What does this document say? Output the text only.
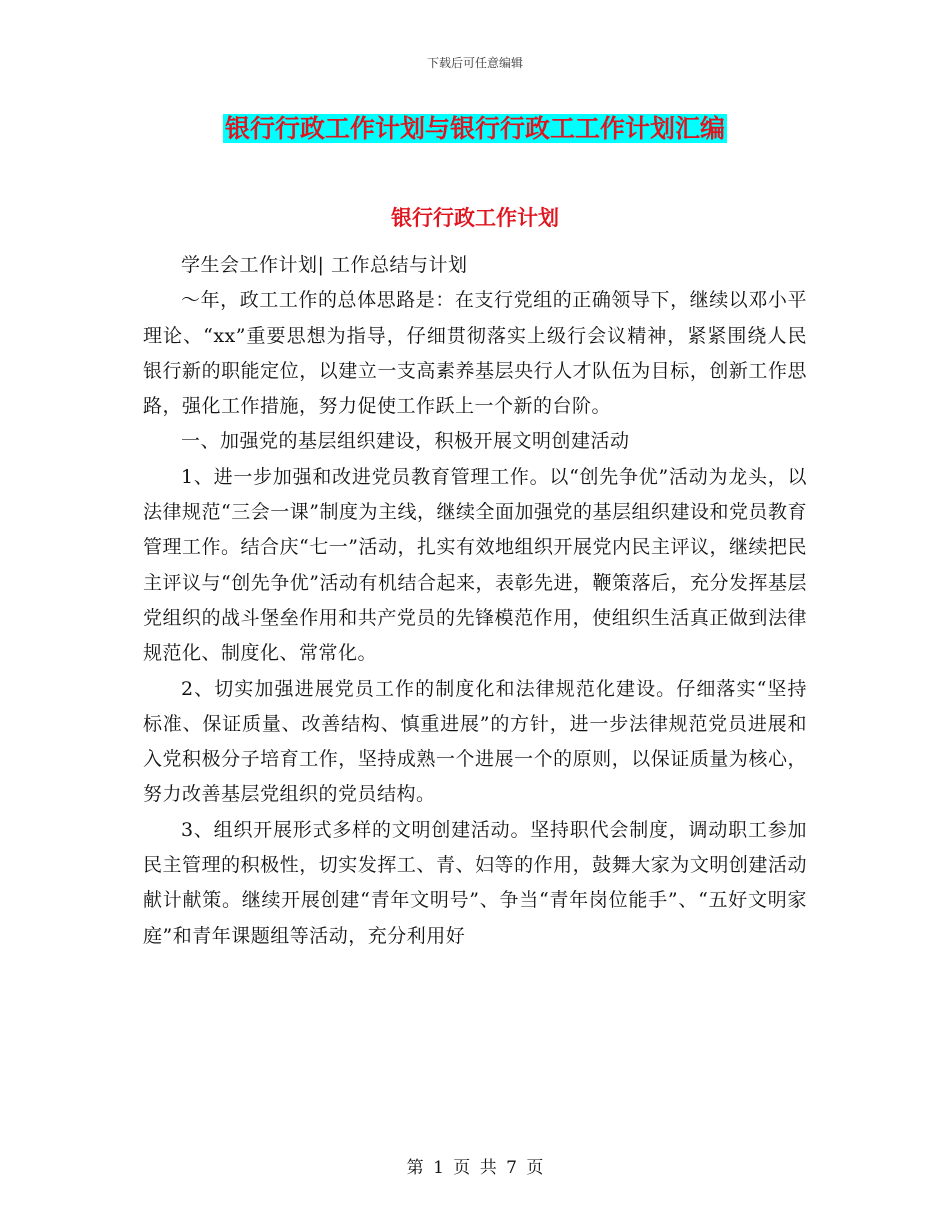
下载后可任意编辑
银行行政工作计划与银行行政工工作计划汇编
银行行政工作计划

学生会工作计划| 工作总结与计划

～年，政工工作的总体思路是：在支行党组的正确领导下，继续以邓小平理论、“xx”重要思想为指导，仔细贯彻落实上级行会议精神，紧紧围绕人民银行新的职能定位，以建立一支高素养基层央行人才队伍为目标，创新工作思路，强化工作措施，努力促使工作跃上一个新的台阶。

一、加强党的基层组织建设，积极开展文明创建活动

1、进一步加强和改进党员教育管理工作。以“创先争优”活动为龙头，以法律规范“三会一课”制度为主线，继续全面加强党的基层组织建设和党员教育管理工作。结合庆“七一”活动，扎实有效地组织开展党内民主评议，继续把民主评议与“创先争优”活动有机结合起来，表彰先进，鞭策落后，充分发挥基层党组织的战斗堡垒作用和共产党员的先锋模范作用，使组织生活真正做到法律规范化、制度化、常常化。

2、切实加强进展党员工作的制度化和法律规范化建设。仔细落实“坚持标准、保证质量、改善结构、慎重进展”的方针，进一步法律规范党员进展和入党积极分子培育工作，坚持成熟一个进展一个的原则，以保证质量为核心，努力改善基层党组织的党员结构。

3、组织开展形式多样的文明创建活动。坚持职代会制度，调动职工参加民主管理的积极性，切实发挥工、青、妇等的作用，鼓舞大家为文明创建活动献计献策。继续开展创建“青年文明号”、争当“青年岗位能手”、“五好文明家庭”和青年课题组等活动，充分利用好

第 1 页 共 7 页
